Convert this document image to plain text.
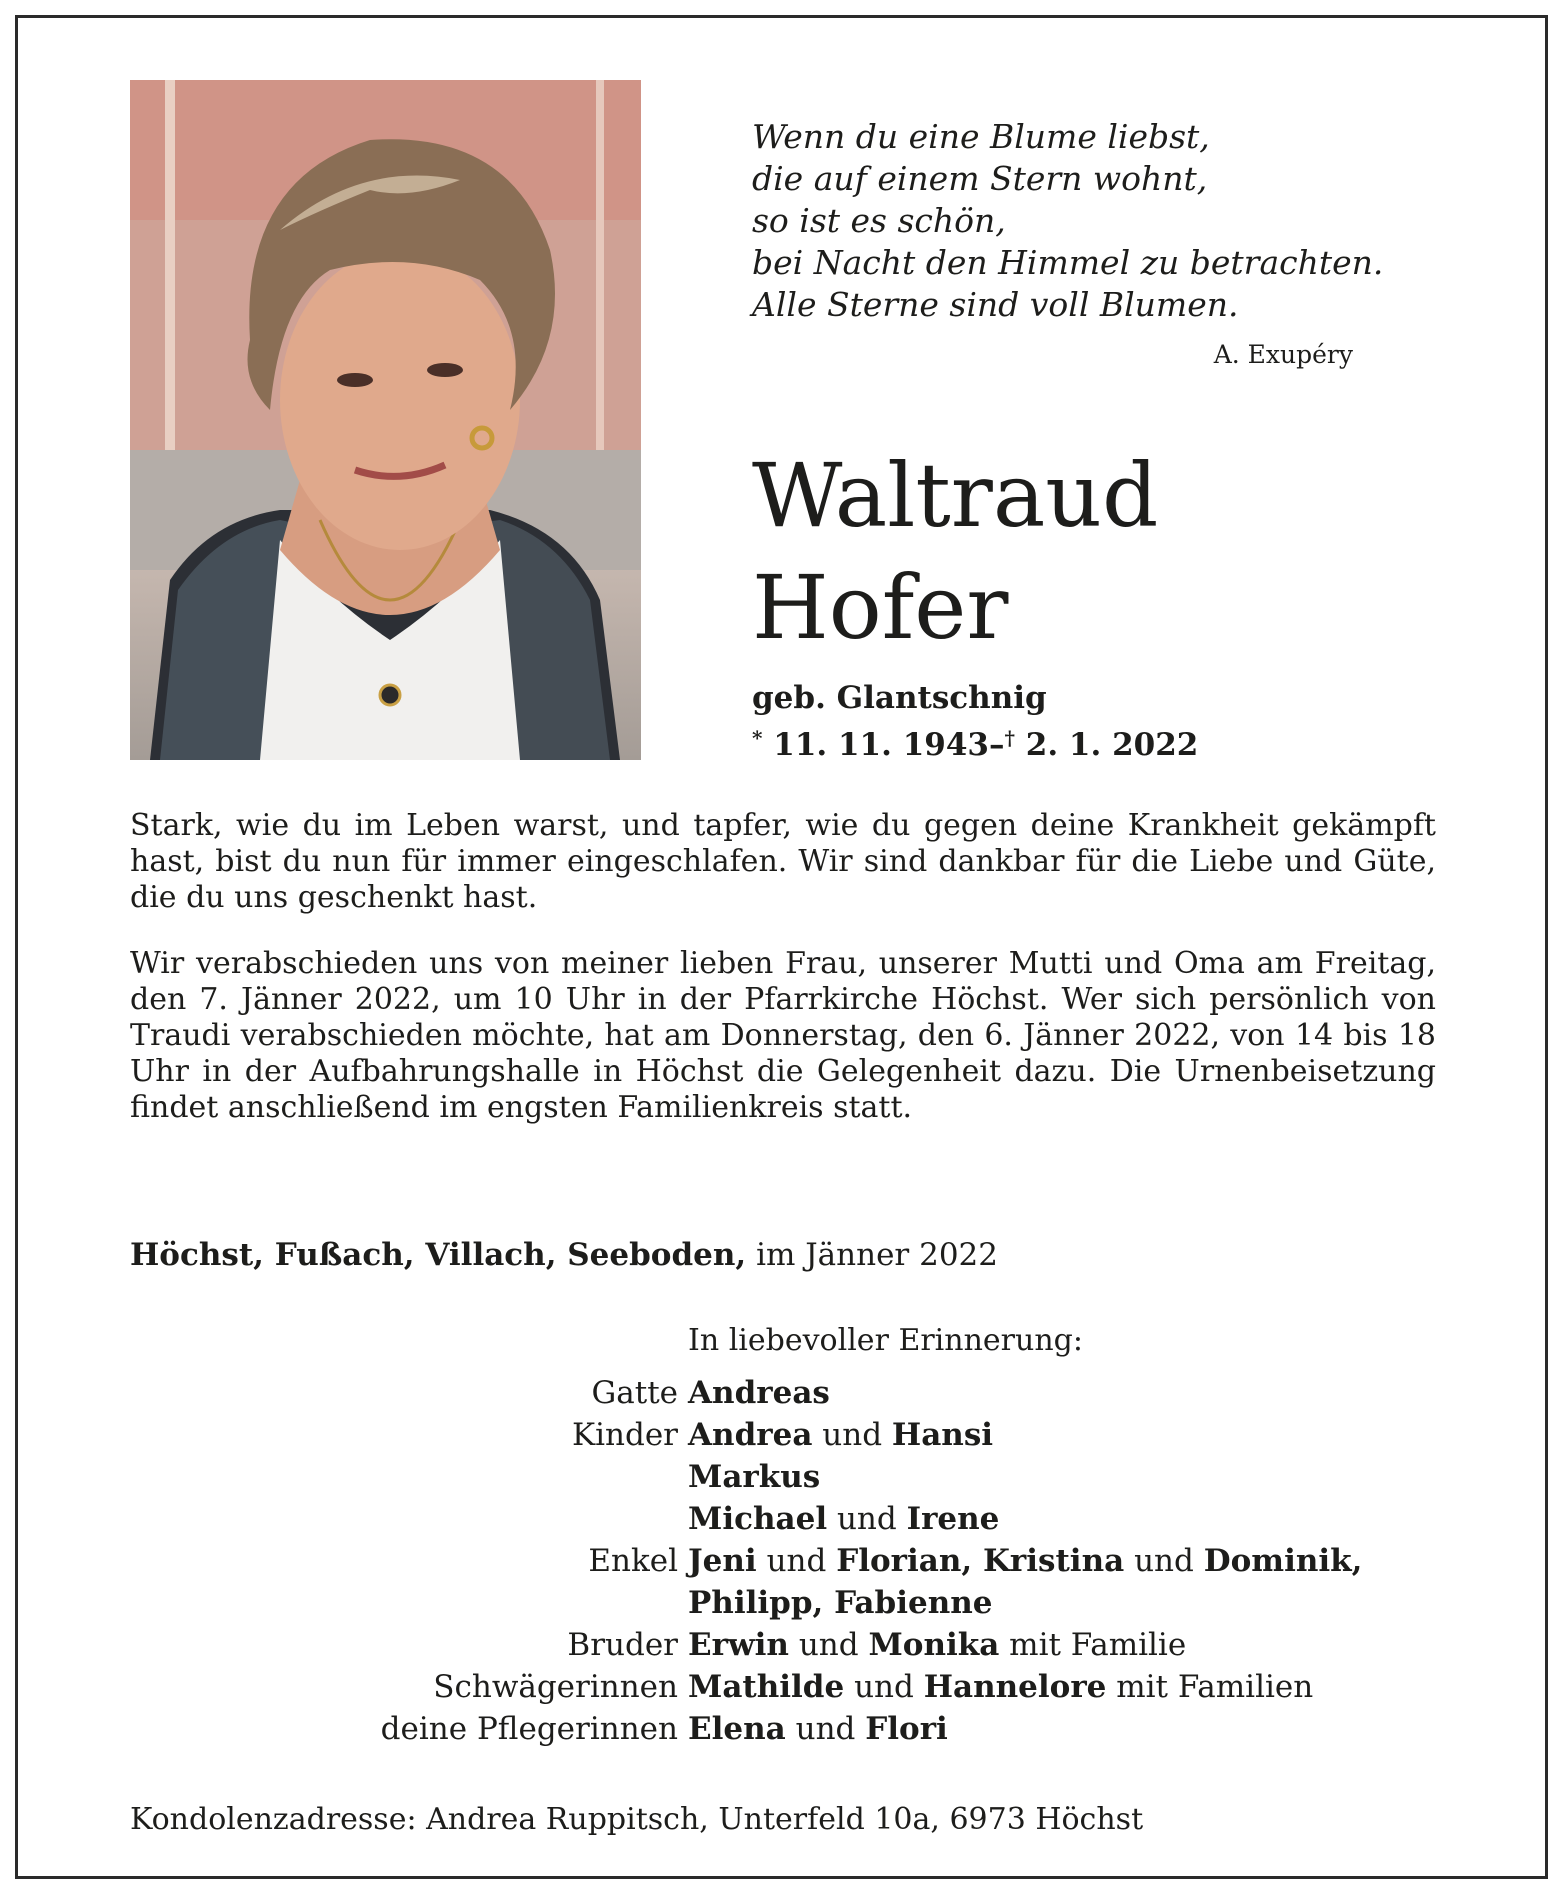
Wenn du eine Blume liebst,
die auf einem Stern wohnt,
so ist es schön,
bei Nacht den Himmel zu betrachten.
Alle Sterne sind voll Blumen.
A. Exupéry
Waltraud
Hofer
geb. Glantschnig
* 11. 11. 1943–† 2. 1. 2022
Stark, wie du im Leben warst, und tapfer, wie du gegen deine Krankheit gekämpft hast, bist du nun für immer eingeschlafen. Wir sind dankbar für die Liebe und Güte, die du uns geschenkt hast.
Wir verabschieden uns von meiner lieben Frau, unserer Mutti und Oma am Freitag, den 7. Jänner 2022, um 10 Uhr in der Pfarrkirche Höchst. Wer sich persönlich von Traudi verabschieden möchte, hat am Donnerstag, den 6. Jänner 2022, von 14 bis 18 Uhr in der Aufbahrungshalle in Höchst die Gelegenheit dazu. Die Urnenbeisetzung findet anschließend im engsten Familienkreis statt.
Höchst, Fußach, Villach, Seeboden, im Jänner 2022
In liebevoller Erinnerung:
Gatte Andreas
Kinder Andrea und Hansi
Markus
Michael und Irene
Enkel Jeni und Florian, Kristina und Dominik,
Philipp, Fabienne
Bruder Erwin und Monika mit Familie
Schwägerinnen Mathilde und Hannelore mit Familien
deine Pflegerinnen Elena und Flori
Kondolenzadresse: Andrea Ruppitsch, Unterfeld 10a, 6973 Höchst
